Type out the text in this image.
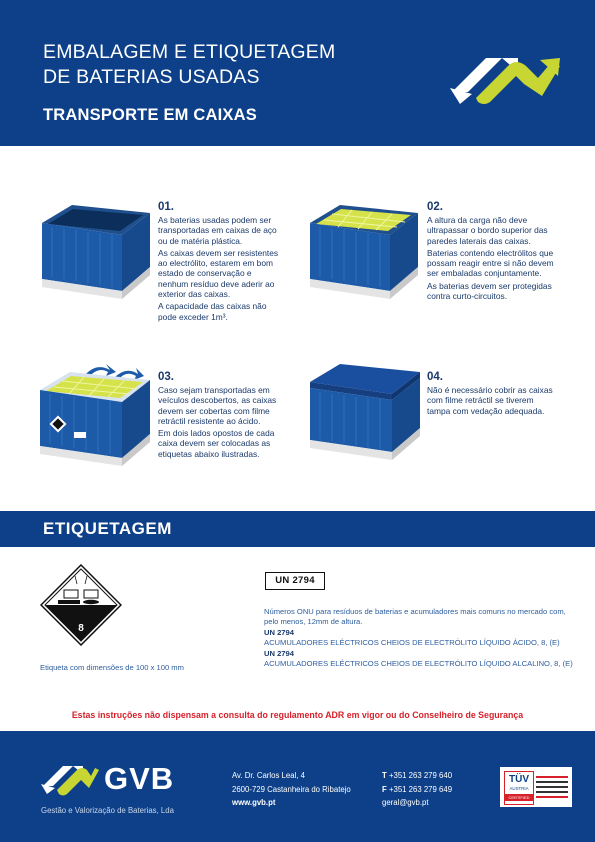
EMBALAGEM E ETIQUETAGEM
DE BATERIAS USADAS
TRANSPORTE EM CAIXAS
01.

As baterias usadas podem ser transportadas em caixas de aço ou de matéria plástica.

As caixas devem ser resistentes ao electrólito, estarem em bom estado de conservação e nenhum resíduo deve aderir ao exterior das caixas.

A capacidade das caixas não pode exceder 1m³.

02.

A altura da carga não deve ultrapassar o bordo superior das paredes laterais das caixas.

Baterias contendo electrólitos que possam reagir entre si não devem ser embaladas conjuntamente.

As baterias devem ser protegidas contra curto-circuitos.

03.

Caso sejam transportadas em veículos descobertos, as caixas devem ser cobertas com filme retráctil resistente ao ácido.

Em dois lados opostos de cada caixa devem ser colocadas as etiquetas abaixo ilustradas.

04.

Não é necessário cobrir as caixas com filme retráctil se tiverem tampa com vedação adequada.

ETIQUETAGEM
8
Etiqueta com dimensões de 100 x 100 mm
UN 2794

Números ONU para resíduos de baterias e acumuladores mais comuns no mercado com, pelo menos, 12mm de altura.

UN 2794

ACUMULADORES ELÉCTRICOS CHEIOS DE ELECTRÓLITO LÍQUIDO ÁCIDO, 8, (E)

UN 2794

ACUMULADORES ELÉCTRICOS CHEIOS DE ELECTRÓLITO LÍQUIDO ALCALINO, 8, (E)

Estas instruções não dispensam a consulta do regulamento ADR em vigor ou do Conselheiro de Segurança
GVB
Gestão e Valorização de Baterias, Lda
Av. Dr. Carlos Leal, 4
2600-729 Castanheira do Ribatejo
www.gvb.pt
T +351 263 279 640
F +351 263 279 649
geral@gvb.pt
TÜV
AUSTRIA
CERTIFIED
